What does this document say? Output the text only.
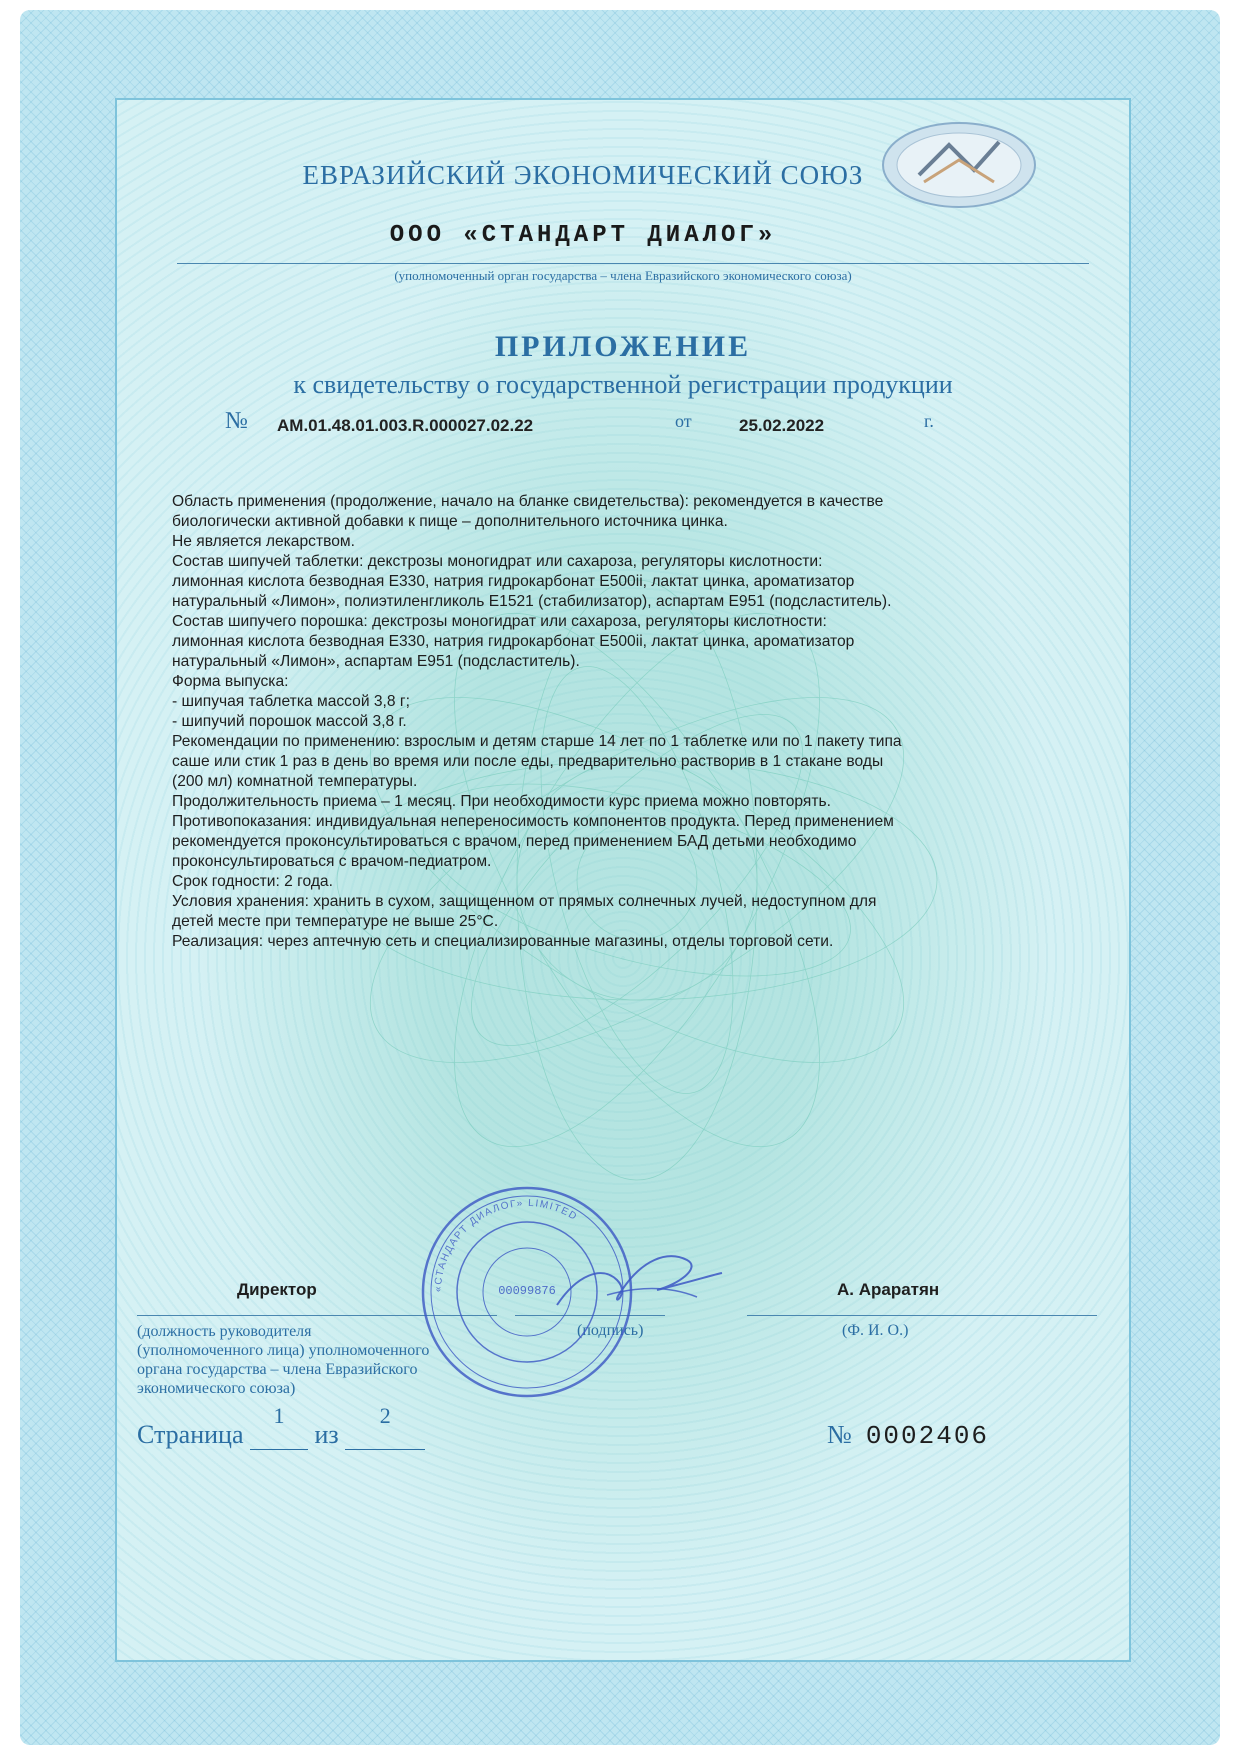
ЕВРАЗИЙСКИЙ ЭКОНОМИЧЕСКИЙ СОЮЗ
ООО «СТАНДАРТ ДИАЛОГ»
(уполномоченный орган государства – члена Евразийского экономического союза)
ПРИЛОЖЕНИЕ
к свидетельству о государственной регистрации продукции
№ AM.01.48.01.003.R.000027.02.22	от	25.02.2022	г.

Область применения (продолжение, начало на бланке свидетельства): рекомендуется в качестве

биологически активной добавки к пище – дополнительного источника цинка.

Не является лекарством.

Состав шипучей таблетки: декстрозы моногидрат или сахароза, регуляторы кислотности:

лимонная кислота безводная Е330, натрия гидрокарбонат Е500ii, лактат цинка, ароматизатор

натуральный «Лимон», полиэтиленгликоль Е1521 (стабилизатор), аспартам Е951 (подсластитель).

Состав шипучего порошка: декстрозы моногидрат или сахароза, регуляторы кислотности:

лимонная кислота безводная Е330, натрия гидрокарбонат Е500ii, лактат цинка, ароматизатор

натуральный «Лимон», аспартам Е951 (подсластитель).

Форма выпуска:

- шипучая таблетка массой 3,8 г;

- шипучий порошок массой 3,8 г.

Рекомендации по применению: взрослым и детям старше 14 лет по 1 таблетке или по 1 пакету типа

саше или стик 1 раз в день во время или после еды, предварительно растворив в 1 стакане воды

(200 мл) комнатной температуры.

Продолжительность приема – 1 месяц. При необходимости курс приема можно повторять.

Противопоказания: индивидуальная непереносимость компонентов продукта. Перед применением

рекомендуется проконсультироваться с врачом, перед применением БАД детьми необходимо

проконсультироваться с врачом-педиатром.

Срок годности: 2 года.

Условия хранения: хранить в сухом, защищенном от прямых солнечных лучей, недоступном для

детей месте при температуре не выше 25°С.

Реализация: через аптечную сеть и специализированные магазины, отделы торговой сети.

Директор	А. Араратян
(должность руководителя
(уполномоченного лица) уполномоченного
органа государства – члена Евразийского
экономического союза)
(подпись)	(Ф. И. О.)
«СТАНДАРТ ДИАЛОГ» LIMITED
00099876
Страница
1
из
2
№ 0002406
